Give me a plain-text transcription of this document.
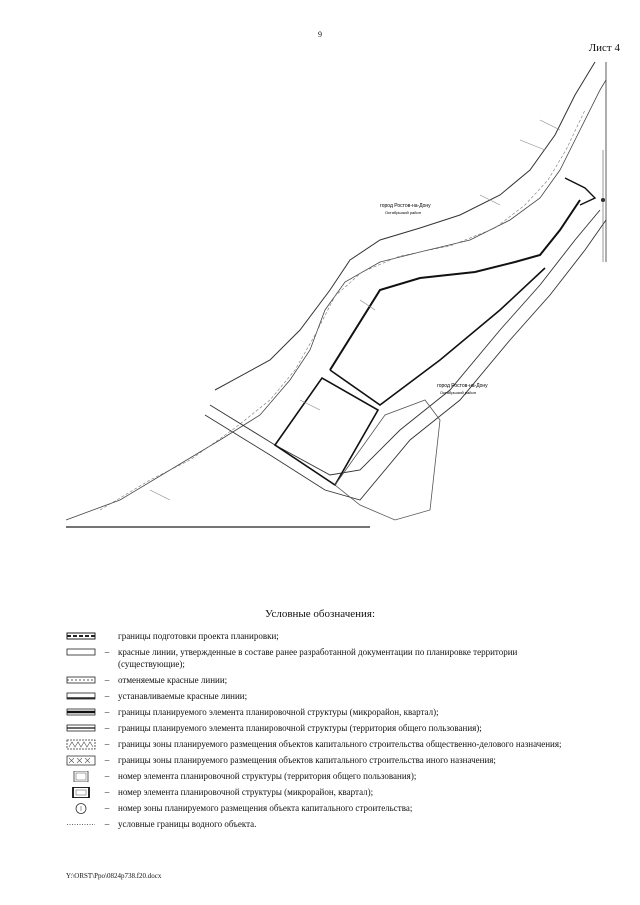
9
Лист 4
город Ростов-на-Дону
Октябрьский район
город Ростов-на-Дону
Октябрьский район
Условные обозначения:
границы подготовки проекта планировки;
– красные линии, утвержденные в составе ранее разработанной документации по планировке территории (существующие);
– отменяемые красные линии;
– устанавливаемые красные линии;
– границы планируемого элемента планировочной структуры (микрорайон, квартал);
– границы планируемого элемента планировочной структуры (территория общего пользования);
– границы зоны планируемого размещения объектов капитального строительства общественно-делового назначения;
– границы зоны планируемого размещения объектов капитального строительства иного назначения;
– номер элемента планировочной структуры (территория общего пользования);
– номер элемента планировочной структуры (микрорайон, квартал);
– номер зоны планируемого размещения объекта капитального строительства;
– условные границы водного объекта.
Y:\ORST\Ppo\0824p738.f20.docx
